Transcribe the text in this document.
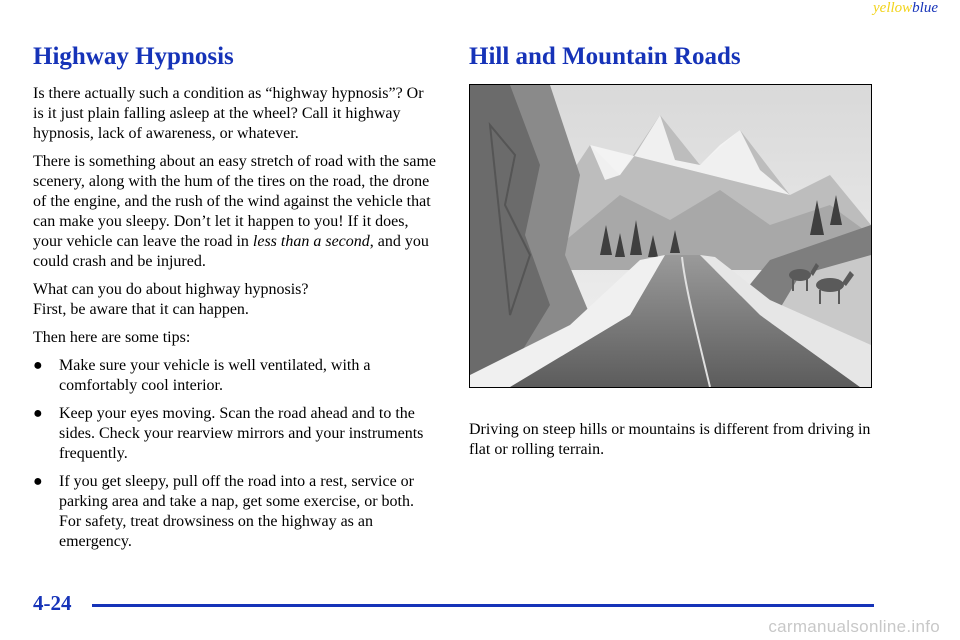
yellowblue
Highway Hypnosis

Is there actually such a condition as “highway hypnosis”? Or is it just plain falling asleep at the wheel? Call it highway hypnosis, lack of awareness, or whatever.

There is something about an easy stretch of road with the same scenery, along with the hum of the tires on the road, the drone of the engine, and the rush of the wind against the vehicle that can make you sleepy. Don’t let it happen to you! If it does, your vehicle can leave the road in less than a second, and you could crash and be injured.

What can you do about highway hypnosis?
First, be aware that it can happen.

Then here are some tips:

● Make sure your vehicle is well ventilated, with a comfortably cool interior.
● Keep your eyes moving. Scan the road ahead and to the sides. Check your rearview mirrors and your instruments frequently.
● If you get sleepy, pull off the road into a rest, service or parking area and take a nap, get some exercise, or both. For safety, treat drowsiness on the highway as an emergency.
Hill and Mountain Roads

Driving on steep hills or mountains is different from driving in flat or rolling terrain.

4-24
carmanualsonline.info
